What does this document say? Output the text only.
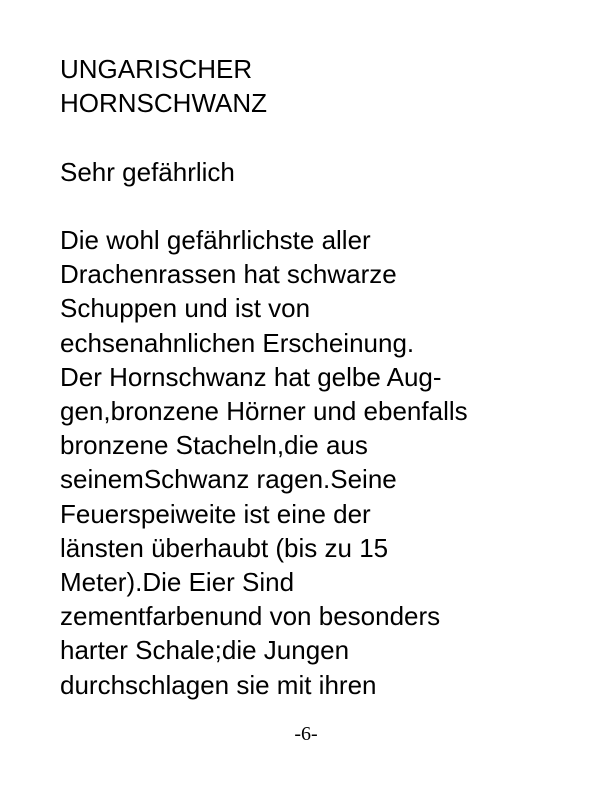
UNGARISCHER
HORNSCHWANZ
Sehr gefährlich
Die wohl gefährlichste aller
Drachenrassen hat schwarze
Schuppen und ist von
echsenahnlichen Erscheinung.
Der Hornschwanz hat gelbe Aug-
gen,bronzene Hörner und ebenfalls
bronzene Stacheln,die aus
seinemSchwanz ragen.Seine
Feuerspeiweite ist eine der
länsten überhaubt (bis zu 15
Meter).Die Eier Sind
zementfarbenund von besonders
harter Schale;die Jungen
durchschlagen sie mit ihren
-6-
